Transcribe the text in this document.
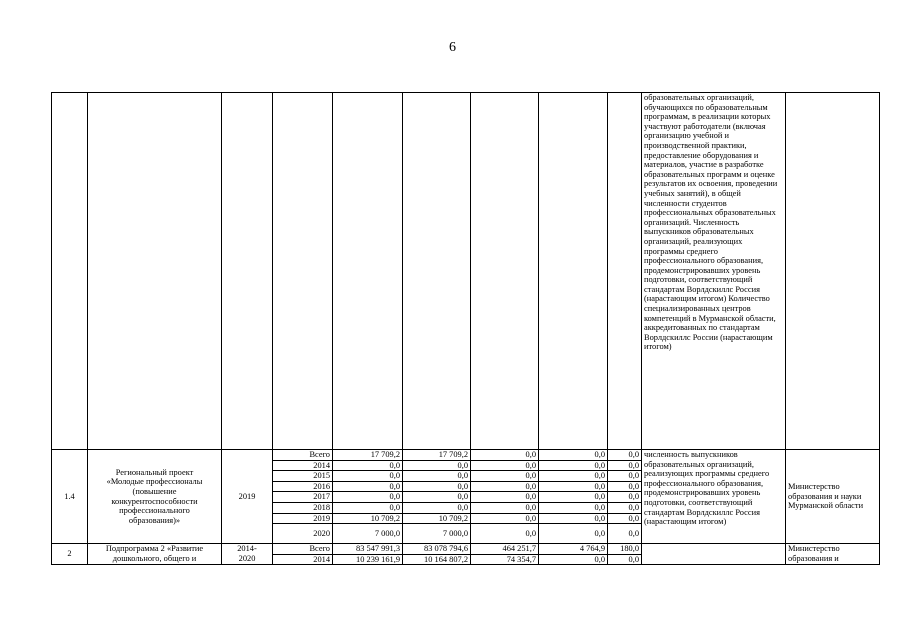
6
									образовательных организаций, обучающихся по образовательным программам, в реализации которых участвуют работодатели (включая организацию учебной и производственной практики, предоставление оборудования и материалов, участие в разработке образовательных программ и оценке результатов их освоения, проведении учебных занятий), в общей численности студентов профессиональных образовательных организаций. Численность выпускников образовательных организаций, реализующих программы среднего профессионального образования, продемонстрировавших уровень подготовки, соответствующий стандартам Ворлдскиллс Россия (нарастающим итогом) Количество специализированных центров компетенций в Мурманской области, аккредитованных по стандартам Ворлдскиллс России (нарастающим итогом)	
1.4	Региональный проект «Молодые профессионалы (повышение конкурентоспособности профессионального образования)»	2019	Всего	17 709,2	17 709,2	0,0	0,0	0,0	численность выпускников образовательных организаций, реализующих программы среднего профессионального образования, продемонстрировавших уровень подготовки, соответствующий стандартам Ворлдскиллс Россия (нарастающим итогом)	Министерство образования и науки Мурманской области
			2014	0,0	0,0	0,0	0,0	0,0		
			2015	0,0	0,0	0,0	0,0	0,0		
			2016	0,0	0,0	0,0	0,0	0,0		
			2017	0,0	0,0	0,0	0,0	0,0		
			2018	0,0	0,0	0,0	0,0	0,0		
			2019	10 709,2	10 709,2	0,0	0,0	0,0		
			2020	7 000,0	7 000,0	0,0	0,0	0,0		
2	Подпрограмма 2 «Развитие дошкольного, общего и	2014-2020	Всего	83 547 991,3	83 078 794,6	464 251,7	4 764,9	180,0		Министерство образования и
			2014	10 239 161,9	10 164 807,2	74 354,7	0,0	0,0		
